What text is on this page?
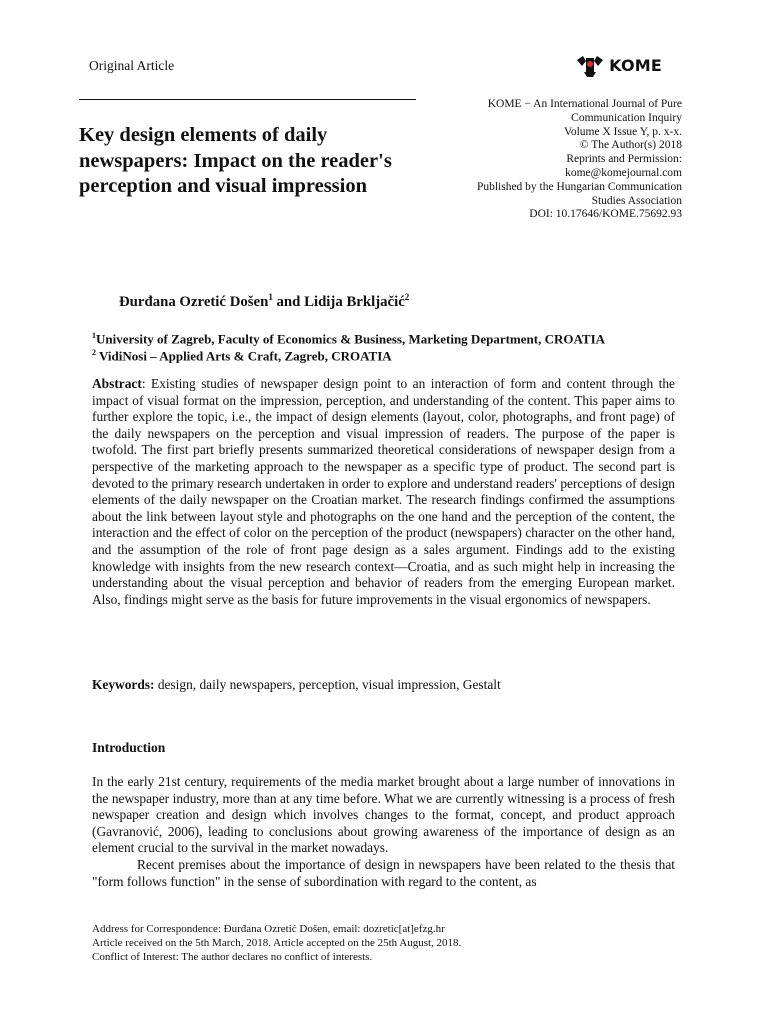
Original Article	KOME
KOME − An International Journal of Pure
Communication Inquiry
Volume X Issue Y, p. x-x.
© The Author(s) 2018
Reprints and Permission:
kome@komejournal.com
Published by the Hungarian Communication
Studies Association
DOI: 10.17646/KOME.75692.93
Key design elements of daily newspapers: Impact on the reader's perception and visual impression
Đurđana Ozretić Došen$^1$ and Lidija Brkljačić$^2$
$^1$University of Zagreb, Faculty of Economics & Business, Marketing Department, CROATIA
$^2$ VidiNosi – Applied Arts & Craft, Zagreb, CROATIA

Abstract: Existing studies of newspaper design point to an interaction of form and content through the impact of visual format on the impression, perception, and understanding of the content. This paper aims to further explore the topic, i.e., the impact of design elements (layout, color, photographs, and front page) of the daily newspapers on the perception and visual impression of readers. The purpose of the paper is twofold. The first part briefly presents summarized theoretical considerations of newspaper design from a perspective of the marketing approach to the newspaper as a specific type of product. The second part is devoted to the primary research undertaken in order to explore and understand readers' perceptions of design elements of the daily newspaper on the Croatian market. The research findings confirmed the assumptions about the link between layout style and photographs on the one hand and the perception of the content, the interaction and the effect of color on the perception of the product (newspapers) character on the other hand, and the assumption of the role of front page design as a sales argument. Findings add to the existing knowledge with insights from the new research context—Croatia, and as such might help in increasing the understanding about the visual perception and behavior of readers from the emerging European market. Also, findings might serve as the basis for future improvements in the visual ergonomics of newspapers.

Keywords: design, daily newspapers, perception, visual impression, Gestalt

Introduction

In the early 21st century, requirements of the media market brought about a large number of innovations in the newspaper industry, more than at any time before. What we are currently witnessing is a process of fresh newspaper creation and design which involves changes to the format, concept, and product approach (Gavranović, 2006), leading to conclusions about growing awareness of the importance of design as an element crucial to the survival in the market nowadays.

Recent premises about the importance of design in newspapers have been related to the thesis that "form follows function" in the sense of subordination with regard to the content, as

Address for Correspondence: Đurđana Ozretić Došen, email: dozretic[at]efzg.hr
Article received on the 5th March, 2018. Article accepted on the 25th August, 2018.
Conflict of Interest: The author declares no conflict of interests.
